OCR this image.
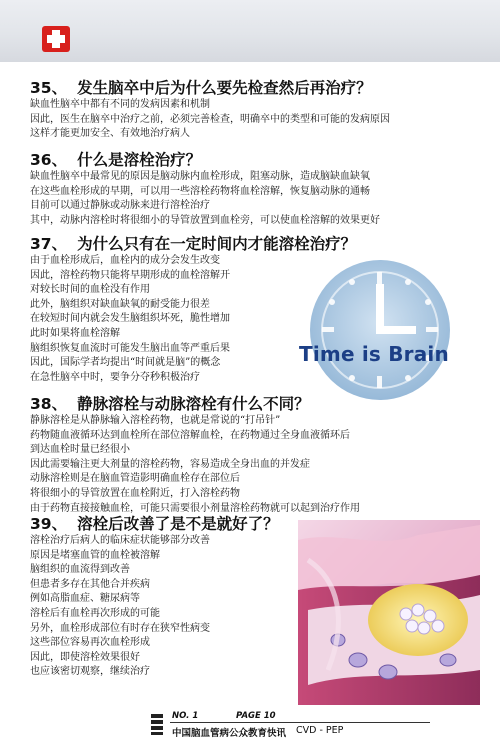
35、 发生脑卒中后为什么要先检查然后再治疗？
缺血性脑卒中都有不同的发病因素和机制
因此，医生在脑卒中治疗之前，必须完善检查，明确卒中的类型和可能的发病原因
这样才能更加安全、有效地治疗病人
36、 什么是溶栓治疗？
缺血性脑卒中最常见的原因是脑动脉内血栓形成，阻塞动脉，造成脑缺血缺氧
在这些血栓形成的早期，可以用一些溶栓药物将血栓溶解，恢复脑动脉的通畅
目前可以通过静脉或动脉来进行溶栓治疗
其中，动脉内溶栓时将很细小的导管放置到血栓旁，可以使血栓溶解的效果更好
37、 为什么只有在一定时间内才能溶栓治疗？
由于血栓形成后，血栓内的成分会发生改变
因此，溶栓药物只能将早期形成的血栓溶解开
对较长时间的血栓没有作用
此外，脑组织对缺血缺氧的耐受能力很差
在较短时间内就会发生脑组织坏死，脆性增加
此时如果将血栓溶解
脑组织恢复血流时可能发生脑出血等严重后果
因此，国际学者均提出“时间就是脑”的概念
在急性脑卒中时，要争分夺秒积极治疗
Time is Brain
38、 静脉溶栓与动脉溶栓有什么不同？
静脉溶栓是从静脉输入溶栓药物，也就是常说的“打吊针”
药物随血液循环达到血栓所在部位溶解血栓，在药物通过全身血液循环后
到达血栓时量已经很小
因此需要输注更大剂量的溶栓药物，容易造成全身出血的并发症
动脉溶栓则是在脑血管造影明确血栓存在部位后
将很细小的导管放置在血栓附近，打入溶栓药物
由于药物直接接触血栓，可能只需要很小剂量溶栓药物就可以起到治疗作用
39、 溶栓后改善了是不是就好了？
溶栓治疗后病人的临床症状能够部分改善
原因是堵塞血管的血栓被溶解
脑组织的血流得到改善
但患者多存在其他合并疾病
例如高脂血症、糖尿病等
溶栓后有血栓再次形成的可能
另外，血栓形成部位有时存在狭窄性病变
这些部位容易再次血栓形成
因此，即使溶栓效果很好
也应该密切观察，继续治疗
NO. 1	PAGE 10
中国脑血管病公众教育快讯 CVD - PEP
